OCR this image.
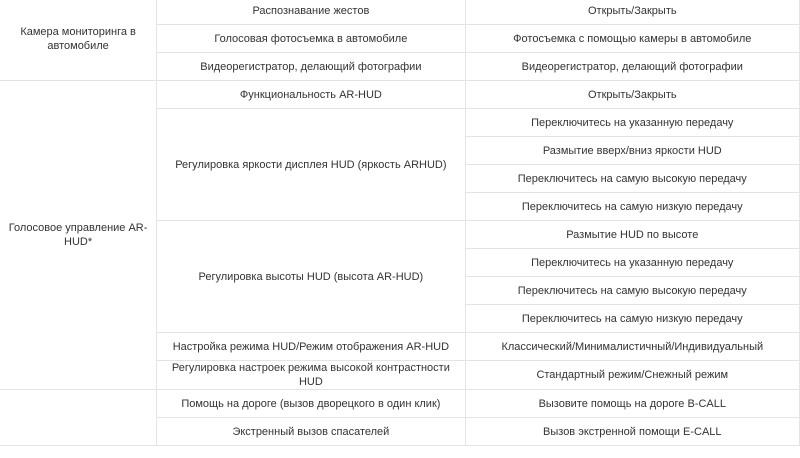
Камера мониторинга в автомобиле	Распознавание жестов	Открыть/Закрыть
	Голосовая фотосъемка в автомобиле	Фотосъемка с помощью камеры в автомобиле
	Видеорегистратор, делающий фотографии	Видеорегистратор, делающий фотографии
Голосовое управление AR-HUD*	Функциональность AR-HUD	Открыть/Закрыть
	Регулировка яркости дисплея HUD (яркость ARHUD)	Переключитесь на указанную передачу
		Размытие вверх/вниз яркости HUD
		Переключитесь на самую высокую передачу
		Переключитесь на самую низкую передачу
	Регулировка высоты HUD (высота AR-HUD)	Размытие HUD по высоте
		Переключитесь на указанную передачу
		Переключитесь на самую высокую передачу
		Переключитесь на самую низкую передачу
	Настройка режима HUD/Режим отображения AR-HUD	Классический/Минималистичный/Индивидуальный
	Регулировка настроек режима высокой контрастности HUD	Стандартный режим/Снежный режим
	Помощь на дороге (вызов дворецкого в один клик)	Вызовите помощь на дороге B-CALL
	Экстренный вызов спасателей	Вызов экстренной помощи E-CALL
